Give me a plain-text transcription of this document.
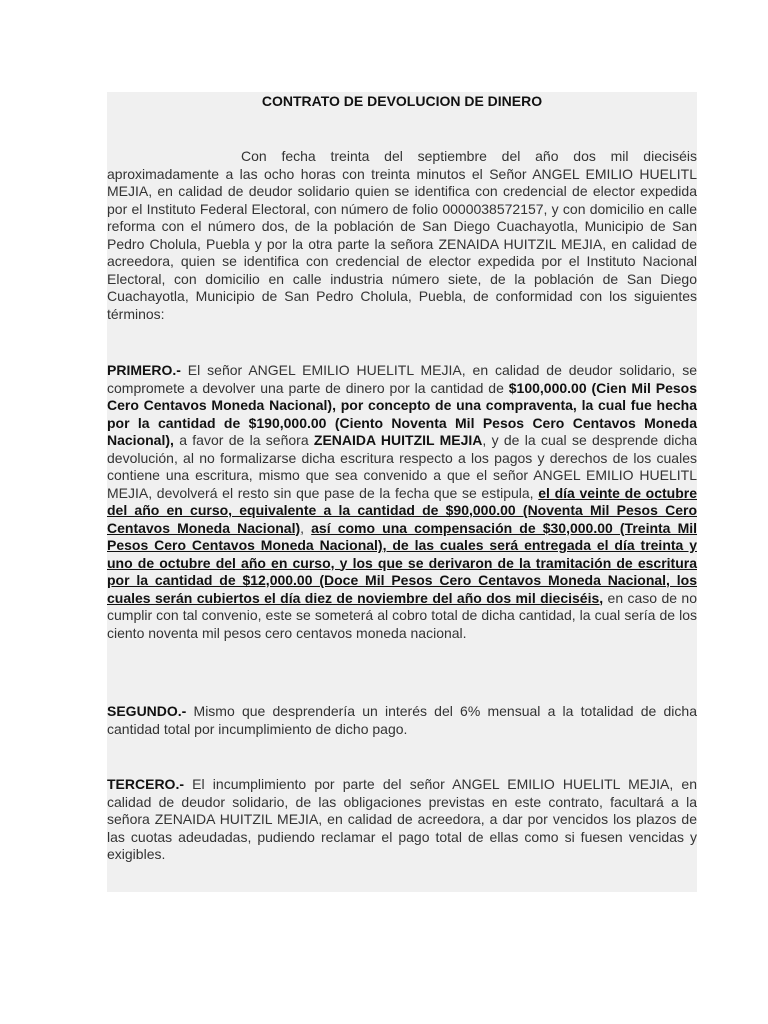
CONTRATO DE DEVOLUCION DE DINERO

Con fecha treinta del septiembre del año dos mil dieciséis aproximadamente a las ocho horas con treinta minutos el Señor ANGEL EMILIO HUELITL MEJIA, en calidad de deudor solidario quien se identifica con credencial de elector expedida por el Instituto Federal Electoral, con número de folio 0000038572157, y con domicilio en calle reforma con el número dos, de la población de San Diego Cuachayotla, Municipio de San Pedro Cholula, Puebla y por la otra parte la señora ZENAIDA HUITZIL MEJIA, en calidad de acreedora, quien se identifica con credencial de elector expedida por el Instituto Nacional Electoral, con domicilio en calle industria número siete, de la población de San Diego Cuachayotla, Municipio de San Pedro Cholula, Puebla, de conformidad con los siguientes términos:

PRIMERO.- El señor ANGEL EMILIO HUELITL MEJIA, en calidad de deudor solidario, se compromete a devolver una parte de dinero por la cantidad de $100,000.00 (Cien Mil Pesos Cero Centavos Moneda Nacional), por concepto de una compraventa, la cual fue hecha por la cantidad de $190,000.00 (Ciento Noventa Mil Pesos Cero Centavos Moneda Nacional), a favor de la señora ZENAIDA HUITZIL MEJIA, y de la cual se desprende dicha devolución, al no formalizarse dicha escritura respecto a los pagos y derechos de los cuales contiene una escritura, mismo que sea convenido a que el señor ANGEL EMILIO HUELITL MEJIA, devolverá el resto sin que pase de la fecha que se estipula, el día veinte de octubre del año en curso, equivalente a la cantidad de $90,000.00 (Noventa Mil Pesos Cero Centavos Moneda Nacional), así como una compensación de $30,000.00 (Treinta Mil Pesos Cero Centavos Moneda Nacional), de las cuales será entregada el día treinta y uno de octubre del año en curso, y los que se derivaron de la tramitación de escritura por la cantidad de $12,000.00 (Doce Mil Pesos Cero Centavos Moneda Nacional, los cuales serán cubiertos el día diez de noviembre del año dos mil dieciséis, en caso de no cumplir con tal convenio, este se someterá al cobro total de dicha cantidad, la cual sería de los ciento noventa mil pesos cero centavos moneda nacional.

SEGUNDO.- Mismo que desprendería un interés del 6% mensual a la totalidad de dicha cantidad total por incumplimiento de dicho pago.

TERCERO.- El incumplimiento por parte del señor ANGEL EMILIO HUELITL MEJIA, en calidad de deudor solidario, de las obligaciones previstas en este contrato, facultará a la señora ZENAIDA HUITZIL MEJIA, en calidad de acreedora, a dar por vencidos los plazos de las cuotas adeudadas, pudiendo reclamar el pago total de ellas como si fuesen vencidas y exigibles.
